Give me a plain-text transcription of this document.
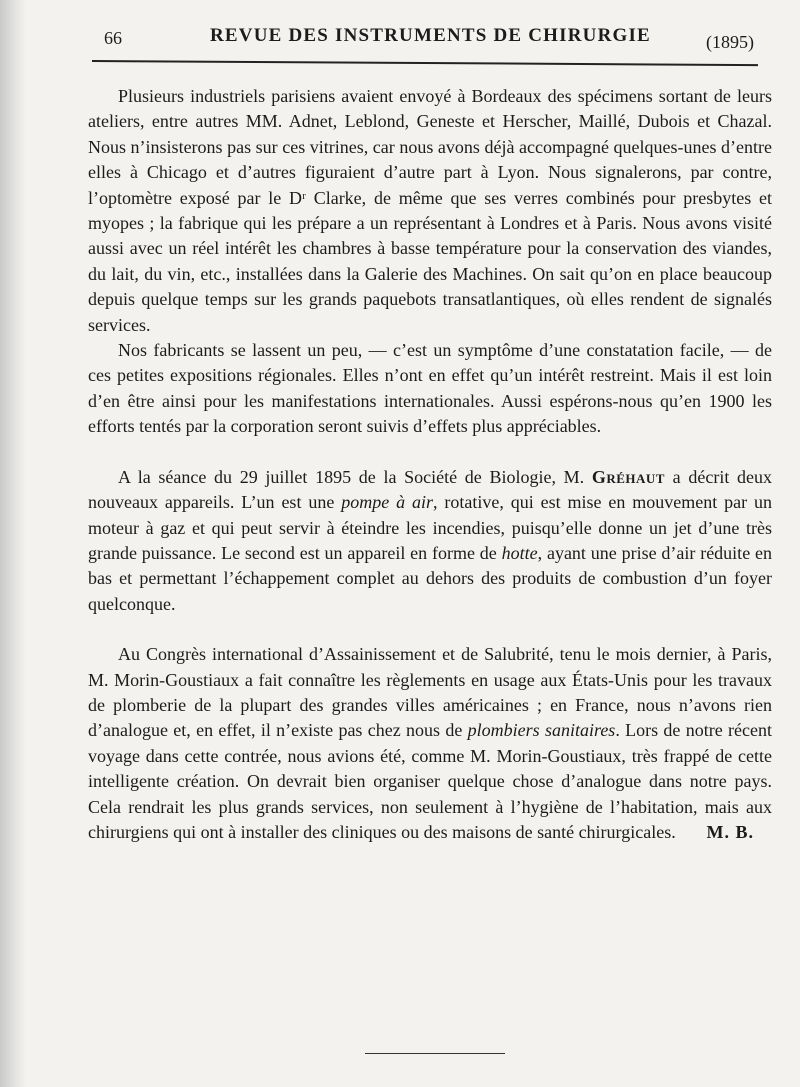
66	REVUE DES INSTRUMENTS DE CHIRURGIE	(1895)

Plusieurs industriels parisiens avaient envoyé à Bordeaux des spécimens sortant de leurs ateliers, entre autres MM. Adnet, Leblond, Geneste et Herscher, Maillé, Dubois et Chazal. Nous n’insisterons pas sur ces vitrines, car nous avons déjà accompagné quelques-unes d’entre elles à Chicago et d’autres figuraient d’autre part à Lyon. Nous signalerons, par contre, l’optomètre exposé par le Dʳ Clarke, de même que ses verres combinés pour presbytes et myopes ; la fabrique qui les prépare a un représentant à Londres et à Paris. Nous avons visité aussi avec un réel intérêt les chambres à basse température pour la conservation des viandes, du lait, du vin, etc., installées dans la Galerie des Machines. On sait qu’on en place beaucoup depuis quelque temps sur les grands paquebots transatlantiques, où elles rendent de signalés services.

Nos fabricants se lassent un peu, — c’est un symptôme d’une constatation facile, — de ces petites expositions régionales. Elles n’ont en effet qu’un intérêt restreint. Mais il est loin d’en être ainsi pour les manifestations internationales. Aussi espérons-nous qu’en 1900 les efforts tentés par la corporation seront suivis d’effets plus appréciables.

A la séance du 29 juillet 1895 de la Société de Biologie, M. Gréhaut a décrit deux nouveaux appareils. L’un est une pompe à air, rotative, qui est mise en mouvement par un moteur à gaz et qui peut servir à éteindre les incendies, puisqu’elle donne un jet d’une très grande puissance. Le second est un appareil en forme de hotte, ayant une prise d’air réduite en bas et permettant l’échappement complet au dehors des produits de combustion d’un foyer quelconque.

Au Congrès international d’Assainissement et de Salubrité, tenu le mois dernier, à Paris, M. Morin-Goustiaux a fait connaître les règlements en usage aux États-Unis pour les travaux de plomberie de la plupart des grandes villes américaines ; en France, nous n’avons rien d’analogue et, en effet, il n’existe pas chez nous de plombiers sanitaires. Lors de notre récent voyage dans cette contrée, nous avions été, comme M. Morin-Goustiaux, très frappé de cette intelligente création. On devrait bien organiser quelque chose d’analogue dans notre pays. Cela rendrait les plus grands services, non seulement à l’hygiène de l’habitation, mais aux chirurgiens qui ont à installer des cliniques ou des maisons de santé chirurgicales.	M. B.
